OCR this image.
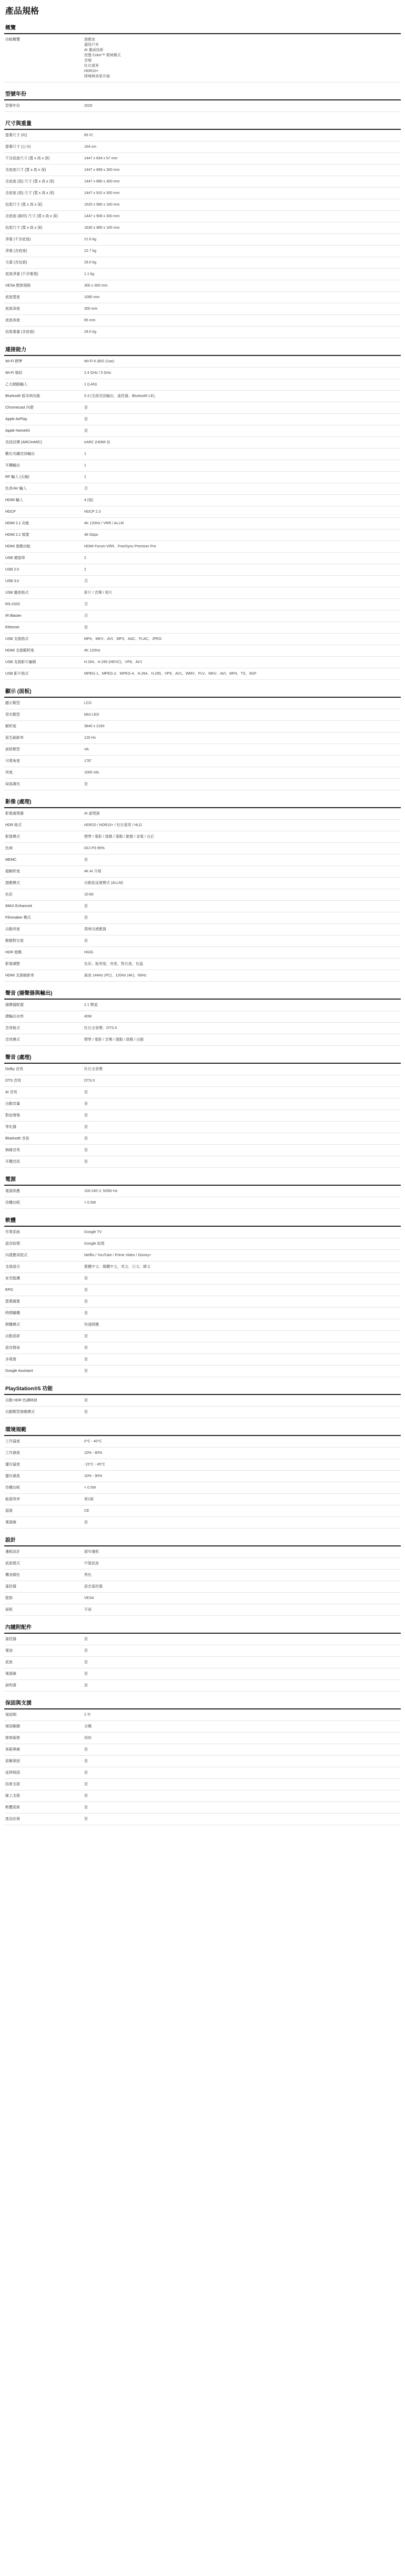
產品規格
概覽
功能概覽	遊戲家
適用戶外
AI 畫面技術
智慧 Color™ 環境模式
音頻
杜比視界
HDR10+
降噪與效果升級
型號年份
型號年份	2025
尺寸與重量
螢幕尺寸 (吋)	65 吋
螢幕尺寸 (公分)	164 cm
不含底座尺寸 (寬 x 高 x 深)	1447 x 834 x 57 mm
含底座尺寸 (寬 x 高 x 深)	1447 x 899 x 300 mm
含底座 (低) 尺寸 (寬 x 高 x 深)	1447 x 880 x 300 mm
含底座 (高) 尺寸 (寬 x 高 x 深)	1447 x 910 x 300 mm
包裝尺寸 (寬 x 高 x 深)	1620 x 980 x 160 mm
含底座 (條形) 尺寸 (寬 x 高 x 深)	1447 x 908 x 300 mm
包裝尺寸 (寬 x 高 x 深)	1630 x 985 x 165 mm
淨重 (不含底座)	21.6 kg
淨重 (含底座)	22.7 kg
毛重 (含包裝)	29.0 kg
底座淨重 (不含電視)	1.1 kg
VESA 壁掛規格	300 x 300 mm
底座寬度	1090 mm
底座深度	300 mm
底座高度	65 mm
包裝重量 (含底座)	29.0 kg
連接能力
Wi-Fi 標準	Wi-Fi 6 (802.11ax)
Wi-Fi 頻段	2.4 GHz / 5 GHz
乙太網路輸入	1 (LAN)
Bluetooth 版本與功能	5.3 (支援音訊輸出、遙控器、Bluetooth LE)。
Chromecast 內建	是
Apple AirPlay	是
Apple HomeKit	是
音訊回傳 (ARC/eARC)	eARC (HDMI 3)
數位光纖音訊輸出	1
耳機輸出	1
RF 輸入 (天線)	1
色差/AV 輸入	否
HDMI 輸入	4 (後)
HDCP	HDCP 2.3
HDMI 2.1 功能	4K 120Hz / VRR / ALLM
HDMI 2.1 頻寬	48 Gbps
HDMI 遊戲功能	HDMI Forum VRR、FreeSync Premium Pro
USB 連接埠	2
USB 2.0	2
USB 3.0	否
USB 播放格式	影片 / 音樂 / 相片
RS-232C	否
IR Blaster	否
Ethernet	是
USB 支援格式	MP4、MKV、AVI、MP3、AAC、FLAC、JPEG
HDMI 支援解析度	4K 120Hz
USB 支援影片編碼	H.264、H.265 (HEVC)、VP9、AV1
USB 影片格式	MPEG-1、MPEG-2、MPEG-4、H.264、H.265、VP9、AV1、WMV、FLV、MKV、AVI、MP4、TS、3GP
顯示 (面板)
顯示類型	LCD
背光類型	Mini LED
解析度	3840 x 2160
原生刷新率	120 Hz
面板類型	VA
可視角度	178°
亮度	1000 nits
局部調光	是
影像 (處理)
影像處理器	AI 處理器
HDR 格式	HDR10 / HDR10+ / 杜比視界 / HLG
影像模式	標準 / 電影 / 遊戲 / 運動 / 動態 / 省電 / 自訂
色域	DCI-P3 95%
MEMC	是
超解析度	4K AI 升頻
遊戲模式	自動低延遲模式 (ALLM)
色彩	10-bit
IMAX Enhanced	是
Filmmaker 模式	是
自動亮度	環境光感應器
動態對比度	是
HDR 遊戲	HGiG
影像調整	色彩、銳利度、亮度、對比度、色溫
HDMI 支援刷新率	最高 144Hz (PC)、120Hz (4K)、60Hz
聲音 (揚聲器與輸出)
揚聲器配置	2.1 聲道
總輸出功率	40W
音效格式	杜比全景聲、DTS:X
音效模式	標準 / 電影 / 音樂 / 運動 / 遊戲 / 自動
聲音 (處理)
Dolby 音效	杜比全景聲
DTS 音效	DTS:X
AI 音效	是
自動音量	是
對話增強	是
等化器	是
Bluetooth 音訊	是
無線音效	是
耳機音訊	是
電源
電源供應	100-240 V, 50/60 Hz
待機功耗	< 0.5W
軟體
作業系統	Google TV
語音助理	Google 助理
內建應用程式	Netflix / YouTube / Prime Video / Disney+
支援語言	繁體中文、簡體中文、英文、日文、韓文
家長監護	是
EPG	是
螢幕鏡像	是
時間關機	是
開機模式	快速開機
自動更新	是
語音搜尋	是
多視窗	是
Google Assistant	是
PlayStation®5 功能
自動 HDR 色調映射	是
自動類型遊戲模式	是
環境規範
工作溫度	0°C - 40°C
工作濕度	10% - 80%
儲存溫度	-15°C - 45°C
儲存濕度	10% - 90%
待機功耗	< 0.5W
能源效率	第1級
認證	CE
電源線	是
設計
邊框設計	超窄邊框
底座樣式	中置底座
機身顏色	黑色
遙控器	語音遙控器
壁掛	VESA
面板	平面
內隨附配件
遙控器	是
電池	是
底座	是
電源線	是
說明書	是
保固與支援
保固期	2 年
保固範圍	全機
維修服務	到府
客服專線	是
原廠保固	是
延伸保固	是
技術支援	是
線上支援	是
軟體更新	是
產品註冊	是
